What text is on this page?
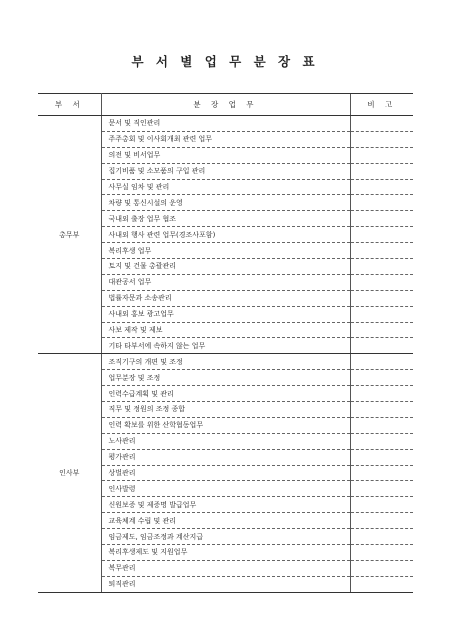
부 서 별 업 무 분 장 표
부 서	분 장 업 무	비 고
총무부	문서 및 직인관리	
	주주총회 및 이사회개최 관련 업무	
	의전 및 비서업무	
	집기비품 및 소모품의 구입 관리	
	사무실 임차 및 관리	
	차량 및 통신시설의 운영	
	국내외 출장 업무 협조	
	사내외 행사 관련 업무(경조사포함)	
	복리후생 업무	
	토지 및 건물 총괄관리	
	대관공서 업무	
	법률자문과 소송관리	
	사내외 홍보 광고업무	
	사보 제작 및 제보	
	기타 타부서에 속하지 않는 업무	
인사부	조직기구의 개편 및 조정	
	업무분장 및 조정	
	인력수급계획 및 관리	
	직무 및 정원의 조정 종합	
	인력 확보를 위한 산학협동업무	
	노사관리	
	평가관리	
	상벌관리	
	인사발령	
	신원보증 및 제증명 발급업무	
	교육체계 수립 및 관리	
	임금제도, 임금조정과 계산지급	
	복리후생제도 및 지원업무	
	복무관리	
	퇴직관리	
